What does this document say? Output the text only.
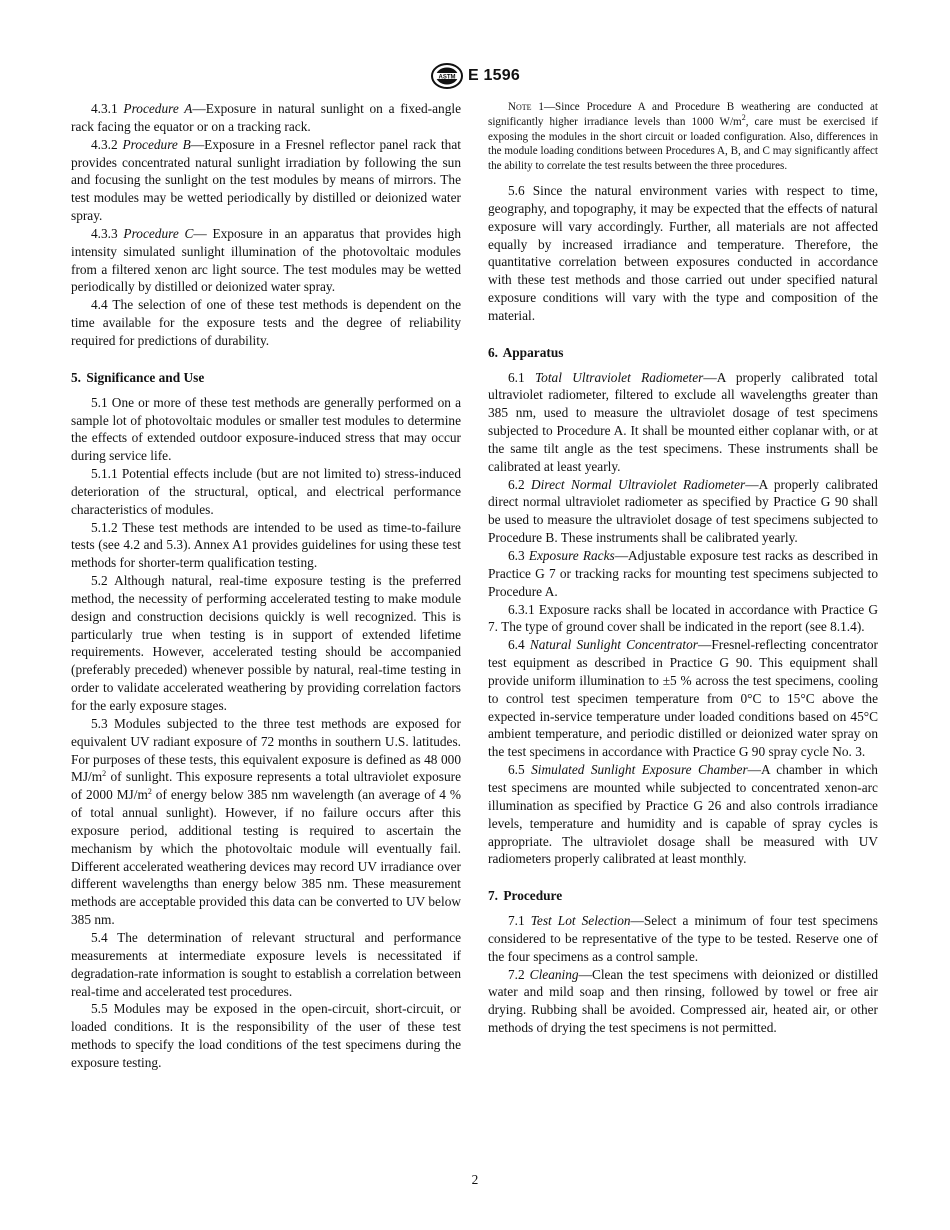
ASTM E 1596

4.3.1 Procedure A—Exposure in natural sunlight on a fixed-angle rack facing the equator or on a tracking rack.

4.3.2 Procedure B—Exposure in a Fresnel reflector panel rack that provides concentrated natural sunlight irradiation by following the sun and focusing the sunlight on the test modules by means of mirrors. The test modules may be wetted periodically by distilled or deionized water spray.

4.3.3 Procedure C— Exposure in an apparatus that provides high intensity simulated sunlight illumination of the photovoltaic modules from a filtered xenon arc light source. The test modules may be wetted periodically by distilled or deionized water spray.

4.4 The selection of one of these test methods is dependent on the time available for the exposure tests and the degree of reliability required for predictions of durability.

5. Significance and Use

5.1 One or more of these test methods are generally performed on a sample lot of photovoltaic modules or smaller test modules to determine the effects of extended outdoor exposure-induced stress that may occur during service life.

5.1.1 Potential effects include (but are not limited to) stress-induced deterioration of the structural, optical, and electrical performance characteristics of modules.

5.1.2 These test methods are intended to be used as time-to-failure tests (see 4.2 and 5.3). Annex A1 provides guidelines for using these test methods for shorter-term qualification testing.

5.2 Although natural, real-time exposure testing is the preferred method, the necessity of performing accelerated testing to make module design and construction decisions quickly is well recognized. This is particularly true when testing is in support of extended lifetime requirements. However, accelerated testing should be accompanied (preferably preceded) whenever possible by natural, real-time testing in order to validate accelerated weathering by providing correlation factors for the early exposure stages.

5.3 Modules subjected to the three test methods are exposed for equivalent UV radiant exposure of 72 months in southern U.S. latitudes. For purposes of these tests, this equivalent exposure is defined as 48 000 $MJ/m^2$ of sunlight. This exposure represents a total ultraviolet exposure of 2000 $MJ/m^2$ of energy below 385 nm wavelength (an average of 4 % of total annual sunlight). However, if no failure occurs after this exposure period, additional testing is required to ascertain the mechanism by which the photovoltaic module will eventually fail. Different accelerated weathering devices may record UV irradiance over different wavelengths than energy below 385 nm. These measurement methods are acceptable provided this data can be converted to UV below 385 nm.

5.4 The determination of relevant structural and performance measurements at intermediate exposure levels is necessitated if degradation-rate information is sought to establish a correlation between real-time and accelerated test procedures.

5.5 Modules may be exposed in the open-circuit, short-circuit, or loaded conditions. It is the responsibility of the user of these test methods to specify the load conditions of the test specimens during the exposure testing.

Note 1—Since Procedure A and Procedure B weathering are conducted at significantly higher irradiance levels than 1000 $W/m^2$, care must be exercised if exposing the modules in the short circuit or loaded configuration. Also, differences in the module loading conditions between Procedures A, B, and C may significantly affect the ability to correlate the test results between the three procedures.

5.6 Since the natural environment varies with respect to time, geography, and topography, it may be expected that the effects of natural exposure will vary accordingly. Further, all materials are not affected equally by increased irradiance and temperature. Therefore, the quantitative correlation between exposures conducted in accordance with these test methods and those carried out under specified natural exposure conditions will vary with the type and composition of the material.

6. Apparatus

6.1 Total Ultraviolet Radiometer—A properly calibrated total ultraviolet radiometer, filtered to exclude all wavelengths greater than 385 nm, used to measure the ultraviolet dosage of test specimens subjected to Procedure A. It shall be mounted either coplanar with, or at the same tilt angle as the test specimens. These instruments shall be calibrated at least yearly.

6.2 Direct Normal Ultraviolet Radiometer—A properly calibrated direct normal ultraviolet radiometer as specified by Practice G 90 shall be used to measure the ultraviolet dosage of test specimens subjected to Procedure B. These instruments shall be calibrated yearly.

6.3 Exposure Racks—Adjustable exposure test racks as described in Practice G 7 or tracking racks for mounting test specimens subjected to Procedure A.

6.3.1 Exposure racks shall be located in accordance with Practice G 7. The type of ground cover shall be indicated in the report (see 8.1.4).

6.4 Natural Sunlight Concentrator—Fresnel-reflecting concentrator test equipment as described in Practice G 90. This equipment shall provide uniform illumination to ±5 % across the test specimens, cooling to control test specimen temperature from 0°C to 15°C above the expected in-service temperature under loaded conditions based on 45°C ambient temperature, and periodic distilled or deionized water spray on the test specimens in accordance with Practice G 90 spray cycle No. 3.

6.5 Simulated Sunlight Exposure Chamber—A chamber in which test specimens are mounted while subjected to concentrated xenon-arc illumination as specified by Practice G 26 and also controls irradiance levels, temperature and humidity and is capable of spray cycles is appropriate. The ultraviolet dosage shall be measured with UV radiometers properly calibrated at least monthly.

7. Procedure

7.1 Test Lot Selection—Select a minimum of four test specimens considered to be representative of the type to be tested. Reserve one of the four specimens as a control sample.

7.2 Cleaning—Clean the test specimens with deionized or distilled water and mild soap and then rinsing, followed by towel or free air drying. Rubbing shall be avoided. Compressed air, heated air, or other methods of drying the test specimens is not permitted.

2
